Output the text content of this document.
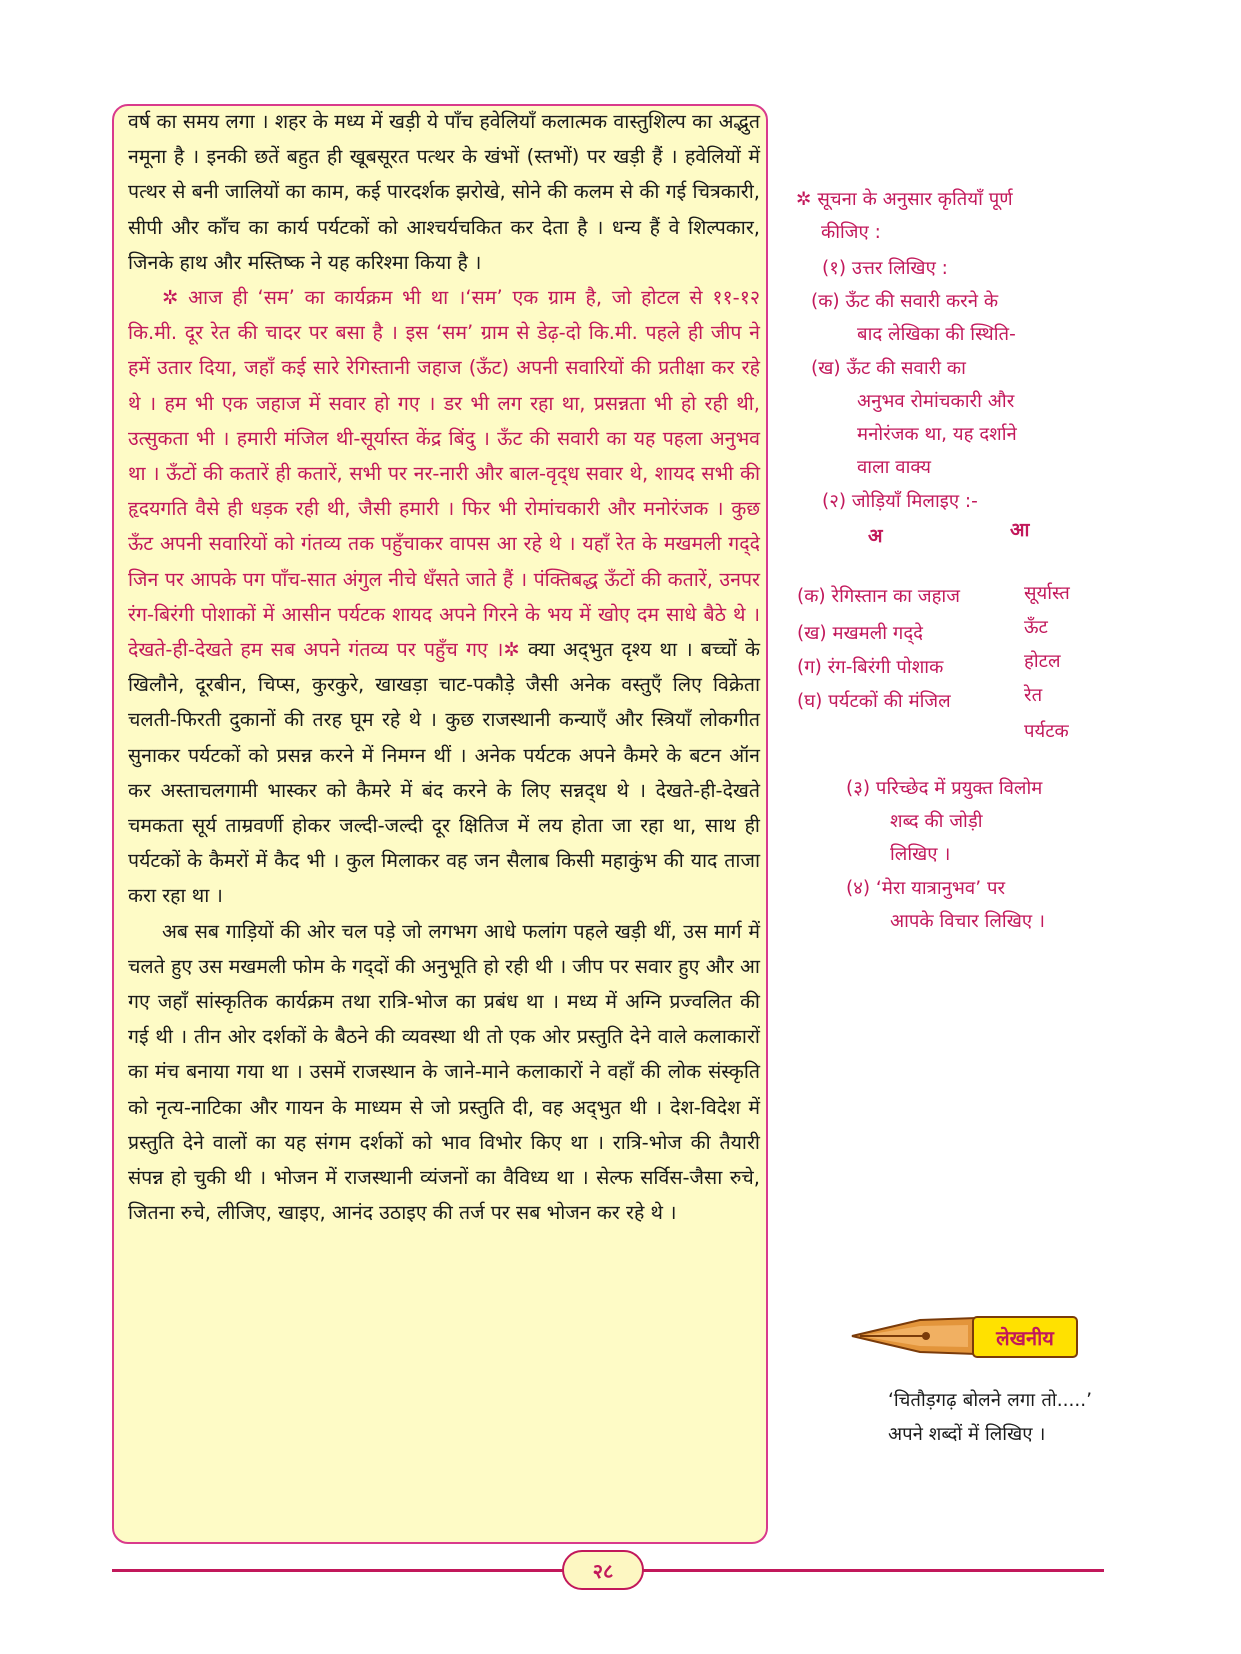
वर्ष का समय लगा । शहर के मध्य में खड़ी ये पाँच हवेलियाँ कलात्मक वास्तुशिल्प का अद्भुत नमूना है । इनकी छतें बहुत ही खूबसूरत पत्थर के खंभों (स्तभों) पर खड़ी हैं । हवेलियों में पत्थर से बनी जालियों का काम, कई पारदर्शक झरोखे, सोने की कलम से की गई चित्रकारी, सीपी और काँच का कार्य पर्यटकों को आश्चर्यचकित कर देता है । धन्य हैं वे शिल्पकार, जिनके हाथ और मस्तिष्क ने यह करिश्मा किया है ।

✲ आज ही ‘सम’ का कार्यक्रम भी था ।‘सम’ एक ग्राम है, जो होटल से ११-१२ कि.मी. दूर रेत की चादर पर बसा है । इस ‘सम’ ग्राम से डेढ़-दो कि.मी. पहले ही जीप ने हमें उतार दिया, जहाँ कई सारे रेगिस्तानी जहाज (ऊँट) अपनी सवारियों की प्रतीक्षा कर रहे थे । हम भी एक जहाज में सवार हो गए । डर भी लग रहा था, प्रसन्नता भी हो रही थी, उत्सुकता भी । हमारी मंजिल थी-सूर्यास्त केंद्र बिंदु । ऊँट की सवारी का यह पहला अनुभव था । ऊँटों की कतारें ही कतारें, सभी पर नर-नारी और बाल-वृद्‌ध सवार थे, शायद सभी की हृदयगति वैसे ही धड़क रही थी, जैसी हमारी । फिर भी रोमांचकारी और मनोरंजक । कुछ ऊँट अपनी सवारियों को गंतव्य तक पहुँचाकर वापस आ रहे थे । यहाँ रेत के मखमली गद्‌दे जिन पर आपके पग पाँच-सात अंगुल नीचे धँसते जाते हैं । पंक्तिबद्ध ऊँटों की कतारें, उनपर रंग-बिरंगी पोशाकों में आसीन पर्यटक शायद अपने गिरने के भय में खोए दम साधे बैठे थे । देखते-ही-देखते हम सब अपने गंतव्य पर पहुँच गए ।✲ क्या अद्‌भुत दृश्य था । बच्चों के खिलौने, दूरबीन, चिप्स, कुरकुरे, खाखड़ा चाट-पकौड़े जैसी अनेक वस्तुएँ लिए विक्रेता चलती-फिरती दुकानों की तरह घूम रहे थे । कुछ राजस्थानी कन्याएँ और स्त्रियाँ लोकगीत सुनाकर पर्यटकों को प्रसन्न करने में निमग्न थीं । अनेक पर्यटक अपने कैमरे के बटन ऑन कर अस्ताचलगामी भास्कर को कैमरे में बंद करने के लिए सन्नद्‌ध थे । देखते-ही-देखते चमकता सूर्य ताम्रवर्णी होकर जल्दी-जल्दी दूर क्षितिज में लय होता जा रहा था, साथ ही पर्यटकों के कैमरों में कैद भी । कुल मिलाकर वह जन सैलाब किसी महाकुंभ की याद ताजा करा रहा था ।

अब सब गाड़ियों की ओर चल पड़े जो लगभग आधे फलांग पहले खड़ी थीं, उस मार्ग में चलते हुए उस मखमली फोम के गद्‌दों की अनुभूति हो रही थी । जीप पर सवार हुए और आ गए जहाँ सांस्कृतिक कार्यक्रम तथा रात्रि-भोज का प्रबंध था । मध्य में अग्नि प्रज्वलित की गई थी । तीन ओर दर्शकों के बैठने की व्यवस्था थी तो एक ओर प्रस्तुति देने वाले कलाकारों का मंच बनाया गया था । उसमें राजस्थान के जाने-माने कलाकारों ने वहाँ की लोक संस्कृति को नृत्य-नाटिका और गायन के माध्यम से जो प्रस्तुति दी, वह अद्‌भुत थी । देश-विदेश में प्रस्तुति देने वालों का यह संगम दर्शकों को भाव विभोर किए था । रात्रि-भोज की तैयारी संपन्न हो चुकी थी । भोजन में राजस्थानी व्यंजनों का वैविध्य था । सेल्फ सर्विस-जैसा रुचे, जितना रुचे, लीजिए, खाइए, आनंद उठाइए की तर्ज पर सब भोजन कर रहे थे ।

✲ सूचना के अनुसार कृतियाँ पूर्ण
कीजिए :
(१) उत्तर लिखिए :
(क) ऊँट की सवारी करने के
बाद लेखिका की स्थिति-
(ख) ऊँट की सवारी का
अनुभव रोमांचकारी और
मनोरंजक था, यह दर्शाने
वाला वाक्य
(२) जोड़ियाँ मिलाइए :-
अ	आ
(क) रेगिस्तान का जहाज
(ख) मखमली गद्‌दे
(ग) रंग-बिरंगी पोशाक
(घ) पर्यटकों की मंजिल
सूर्यास्त
ऊँट
होटल
रेत
पर्यटक
(३) परिच्छेद में प्रयुक्त विलोम
शब्द की जोड़ी
लिखिए ।
(४) ‘मेरा यात्रानुभव’ पर
आपके विचार लिखिए ।
लेखनीय
‘चितौड़गढ़ बोलने लगा तो.....’ अपने शब्दों में लिखिए ।
२८
